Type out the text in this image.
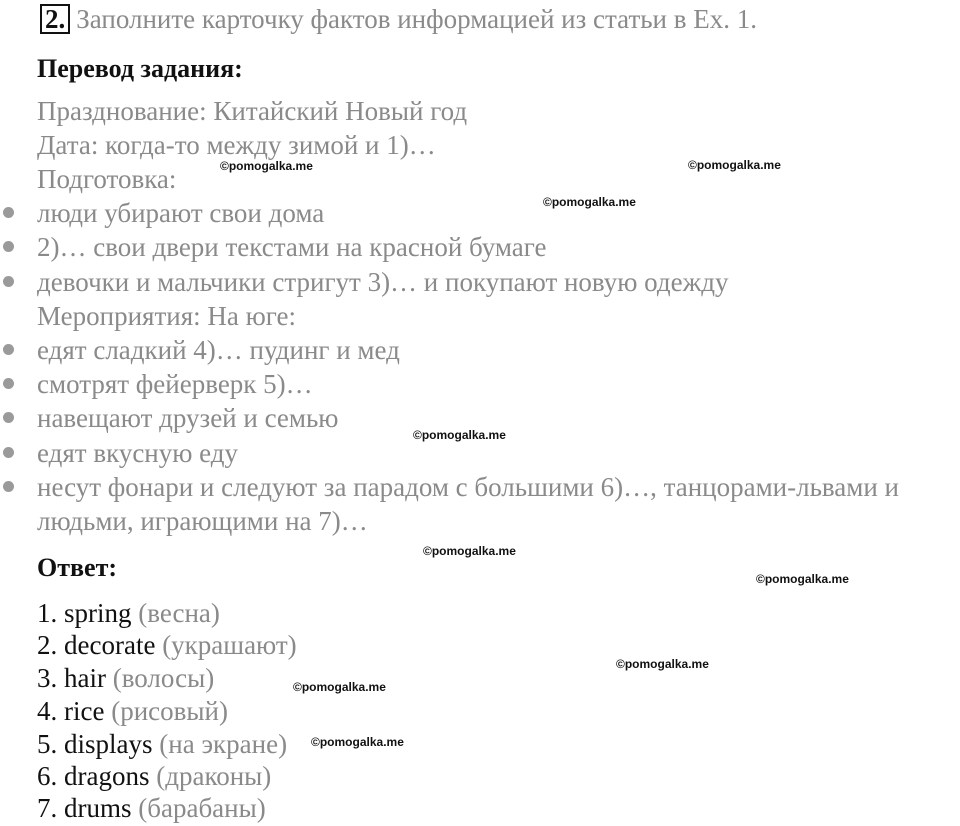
2. Заполните карточку фактов информацией из статьи в Ex. 1.
Перевод задания:
Празднование: Китайский Новый год
Дата: когда-то между зимой и 1)…
Подготовка:
люди убирают свои дома
2)… свои двери текстами на красной бумаге
девочки и мальчики стригут 3)… и покупают новую одежду
Мероприятия: На юге:
едят сладкий 4)… пудинг и мед
смотрят фейерверк 5)…
навещают друзей и семью
едят вкусную еду
несут фонари и следуют за парадом с большими 6)…, танцорами-львами и
людьми, играющими на 7)…
Ответ:
1. spring (весна)
2. decorate (украшают)
3. hair (волосы)
4. rice (рисовый)
5. displays (на экране)
6. dragons (драконы)
7. drums (барабаны)
©pomogalka.me	©pomogalka.me
©pomogalka.me
©pomogalka.me
©pomogalka.me
©pomogalka.me
©pomogalka.me
©pomogalka.me
©pomogalka.me
